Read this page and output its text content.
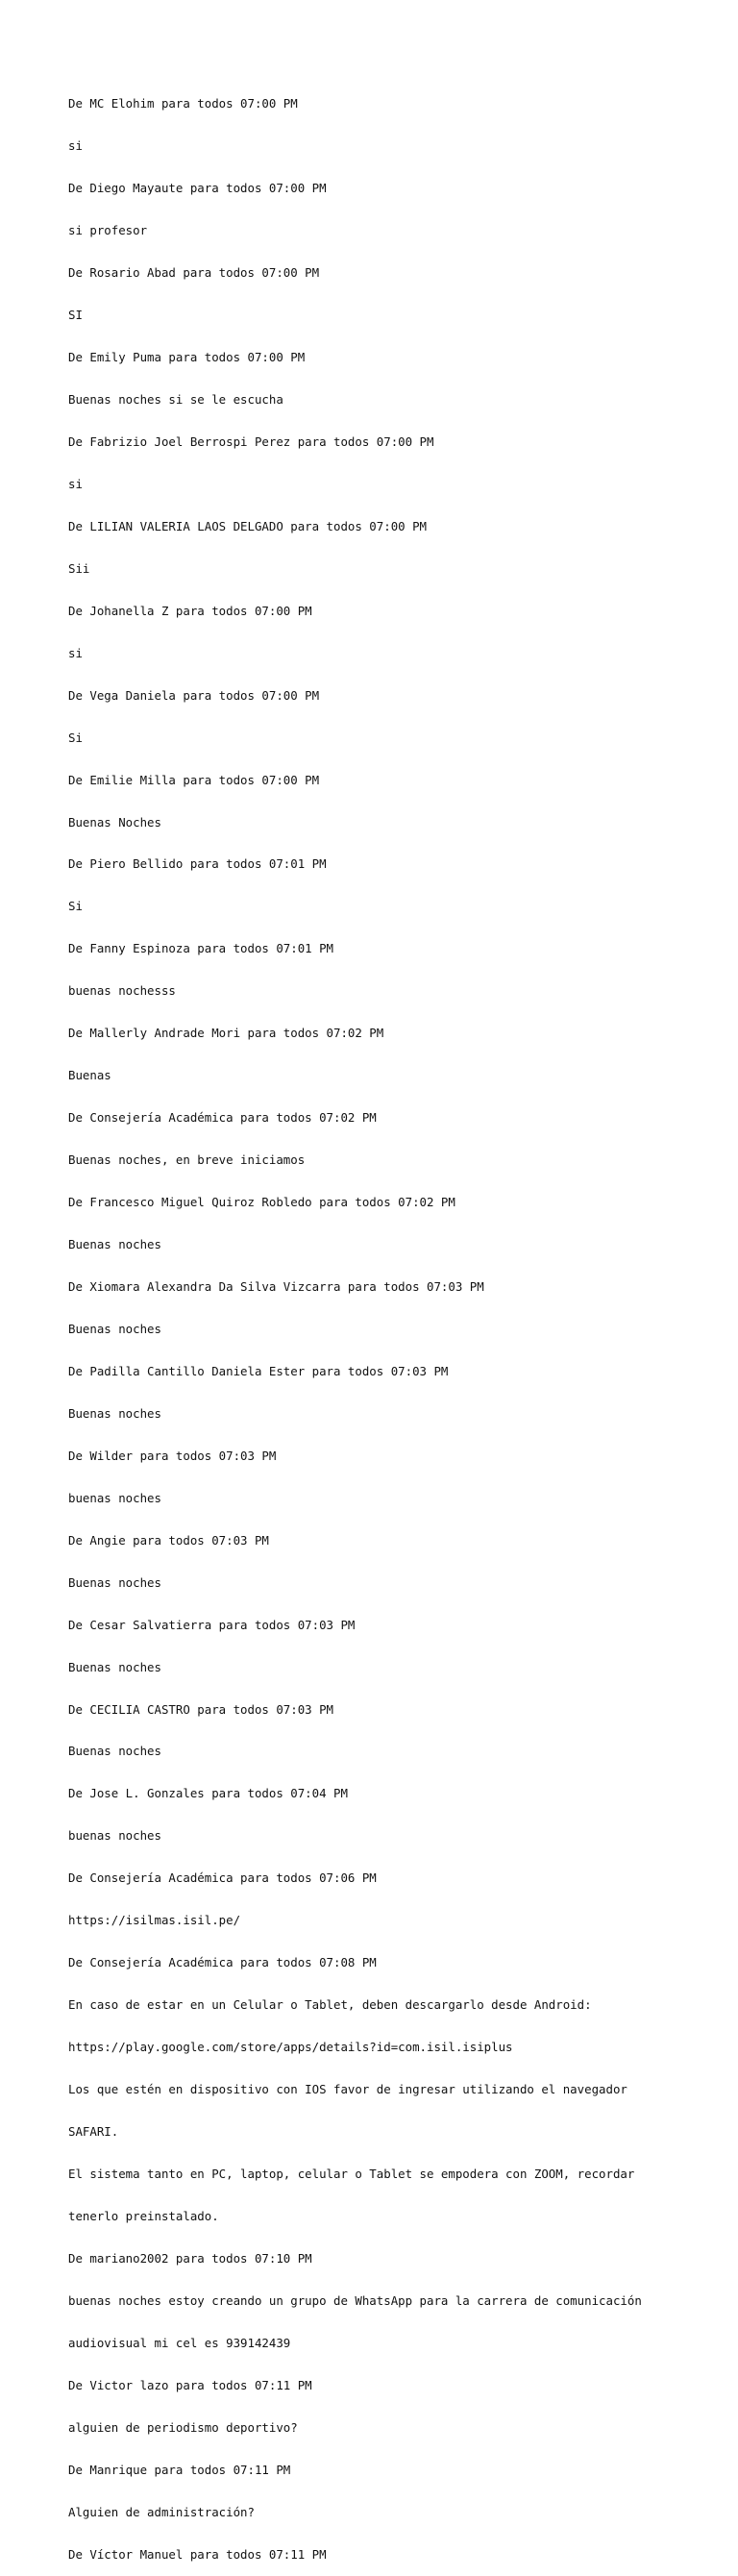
De MC Elohim para todos 07:00 PM

si

De Diego Mayaute para todos 07:00 PM

si profesor

De Rosario Abad para todos 07:00 PM

SI

De Emily Puma para todos 07:00 PM

Buenas noches si se le escucha

De Fabrizio Joel Berrospi Perez para todos 07:00 PM

si

De LILIAN VALERIA LAOS DELGADO para todos 07:00 PM

Sii

De Johanella Z para todos 07:00 PM

si

De Vega Daniela para todos 07:00 PM

Si

De Emilie Milla para todos 07:00 PM

Buenas Noches

De Piero Bellido para todos 07:01 PM

Si

De Fanny Espinoza para todos 07:01 PM

buenas nochesss

De Mallerly Andrade Mori para todos 07:02 PM

Buenas

De Consejería Académica para todos 07:02 PM

Buenas noches, en breve iniciamos

De Francesco Miguel Quiroz Robledo para todos 07:02 PM

Buenas noches

De Xiomara Alexandra Da Silva Vizcarra para todos 07:03 PM

Buenas noches

De Padilla Cantillo Daniela Ester para todos 07:03 PM

Buenas noches

De Wilder para todos 07:03 PM

buenas noches

De Angie para todos 07:03 PM

Buenas noches

De Cesar Salvatierra para todos 07:03 PM

Buenas noches

De CECILIA CASTRO para todos 07:03 PM

Buenas noches

De Jose L. Gonzales para todos 07:04 PM

buenas noches

De Consejería Académica para todos 07:06 PM

https://isilmas.isil.pe/

De Consejería Académica para todos 07:08 PM

En caso de estar en un Celular o Tablet, deben descargarlo desde Android:

https://play.google.com/store/apps/details?id=com.isil.isiplus

Los que estén en dispositivo con IOS favor de ingresar utilizando el navegador

SAFARI.

El sistema tanto en PC, laptop, celular o Tablet se empodera con ZOOM, recordar

tenerlo preinstalado.

De mariano2002 para todos 07:10 PM

buenas noches estoy creando un grupo de WhatsApp para la carrera de comunicación

audiovisual mi cel es 939142439

De Victor lazo para todos 07:11 PM

alguien de periodismo deportivo?

De Manrique para todos 07:11 PM

Alguien de administración?

De Víctor Manuel para todos 07:11 PM
